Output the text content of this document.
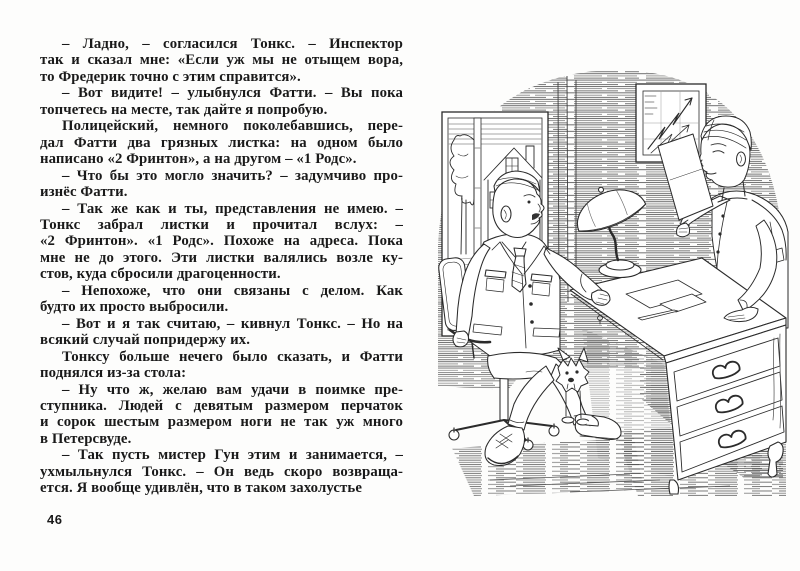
– Ладно, – согласился Тонкс. – Инспектор
так и сказал мне: «Если уж мы не отыщем вора,
то Фредерик точно с этим справится».

– Вот видите! – улыбнулся Фатти. – Вы пока
топчетесь на месте, так дайте я попробую.

Полицейский, немного поколебавшись, пере-
дал Фатти два грязных листка: на одном было
написано «2 Фринтон», а на другом – «1 Родс».

– Что бы это могло значить? – задумчиво про-
изнёс Фатти.

– Так же как и ты, представления не имею. –
Тонкс забрал листки и прочитал вслух: –
«2 Фринтон». «1 Родс». Похоже на адреса. Пока
мне не до этого. Эти листки валялись возле ку-
стов, куда сбросили драгоценности.

– Непохоже, что они связаны с делом. Как
будто их просто выбросили.

– Вот и я так считаю, – кивнул Тонкс. – Но на
всякий случай попридержу их.

Тонксу больше нечего было сказать, и Фатти
поднялся из-за стола:

– Ну что ж, желаю вам удачи в поимке пре-
ступника. Людей с девятым размером перчаток
и сорок шестым размером ноги не так уж много
в Петерсвуде.

– Так пусть мистер Гун этим и занимается, –
ухмыльнулся Тонкс. – Он ведь скоро возвраща-
ется. Я вообще удивлён, что в таком захолустье

46
